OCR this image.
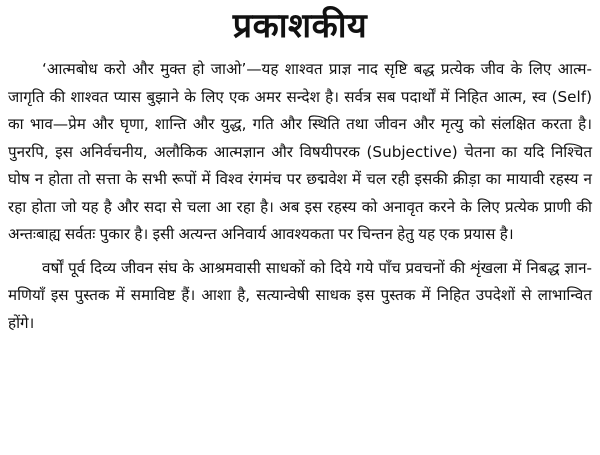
प्रकाशकीय

‘आत्मबोध करो और मुक्त हो जाओ’—यह शाश्वत प्राज्ञ नाद सृष्टि बद्ध प्रत्येक जीव के लिए आत्म-जागृति की शाश्वत प्यास बुझाने के लिए एक अमर सन्देश है। सर्वत्र सब पदार्थों में निहित आत्म, स्व (Self) का भाव—प्रेम और घृणा, शान्ति और युद्ध, गति और स्थिति तथा जीवन और मृत्यु को संलक्षित करता है। पुनरपि, इस अनिर्वचनीय, अलौकिक आत्मज्ञान और विषयीपरक (Subjective) चेतना का यदि निश्चित घोष न होता तो सत्ता के सभी रूपों में विश्व रंगमंच पर छद्मवेश में चल रही इसकी क्रीड़ा का मायावी रहस्य न रहा होता जो यह है और सदा से चला आ रहा है। अब इस रहस्य को अनावृत करने के लिए प्रत्येक प्राणी की अन्तःबाह्य सर्वतः पुकार है। इसी अत्यन्त अनिवार्य आवश्यकता पर चिन्तन हेतु यह एक प्रयास है।

वर्षों पूर्व दिव्य जीवन संघ के आश्रमवासी साधकों को दिये गये पाँच प्रवचनों की शृंखला में निबद्ध ज्ञान-मणियाँ इस पुस्तक में समाविष्ट हैं। आशा है, सत्यान्वेषी साधक इस पुस्तक में निहित उपदेशों से लाभान्वित होंगे।
